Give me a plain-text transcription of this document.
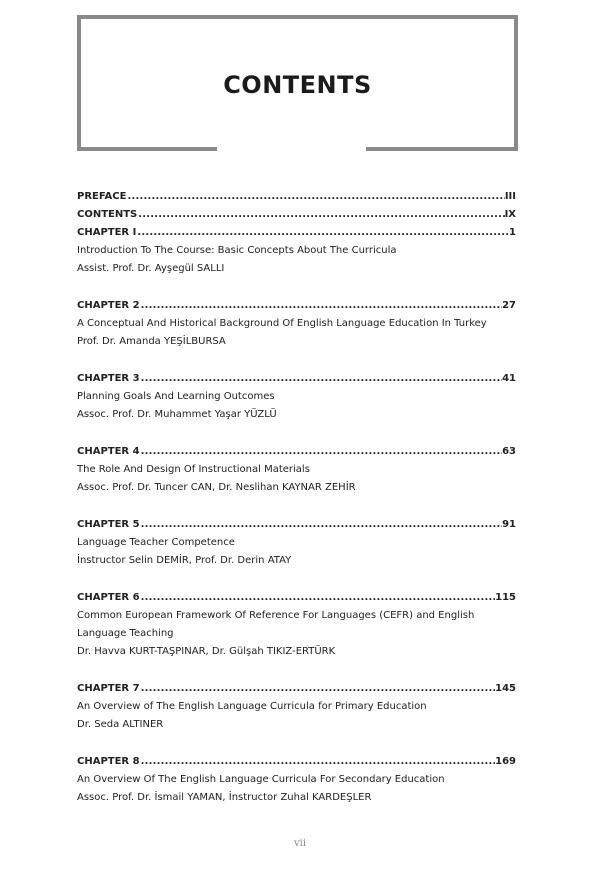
CONTENTS
PREFACE .....	III
CONTENTS .....	IX
CHAPTER I .....	1
Introduction To The Course: Basic Concepts About The Curricula
Assist. Prof. Dr. Ayşegül SALLI
CHAPTER 2 .....	27
A Conceptual And Historical Background Of English Language Education In Turkey
Prof. Dr. Amanda YEŞİLBURSA
CHAPTER 3 .....	41
Planning Goals And Learning Outcomes
Assoc. Prof. Dr. Muhammet Yaşar YÜZLÜ
CHAPTER 4 .....	63
The Role And Design Of Instructional Materials
Assoc. Prof. Dr. Tuncer CAN, Dr. Neslihan KAYNAR ZEHİR
CHAPTER 5 .....	91
Language Teacher Competence
İnstructor Selin DEMİR, Prof. Dr. Derin ATAY
CHAPTER 6 .....	115
Common European Framework Of Reference For Languages (CEFR) and English Language Teaching
Dr. Havva KURT-TAŞPINAR, Dr. Gülşah TIKIZ-ERTÜRK
CHAPTER 7 .....	145
An Overview of The English Language Curricula for Primary Education
Dr. Seda ALTINER
CHAPTER 8 .....	169
An Overview Of The English Language Curricula For Secondary Education
Assoc. Prof. Dr. İsmail YAMAN, İnstructor Zuhal KARDEŞLER
vii
